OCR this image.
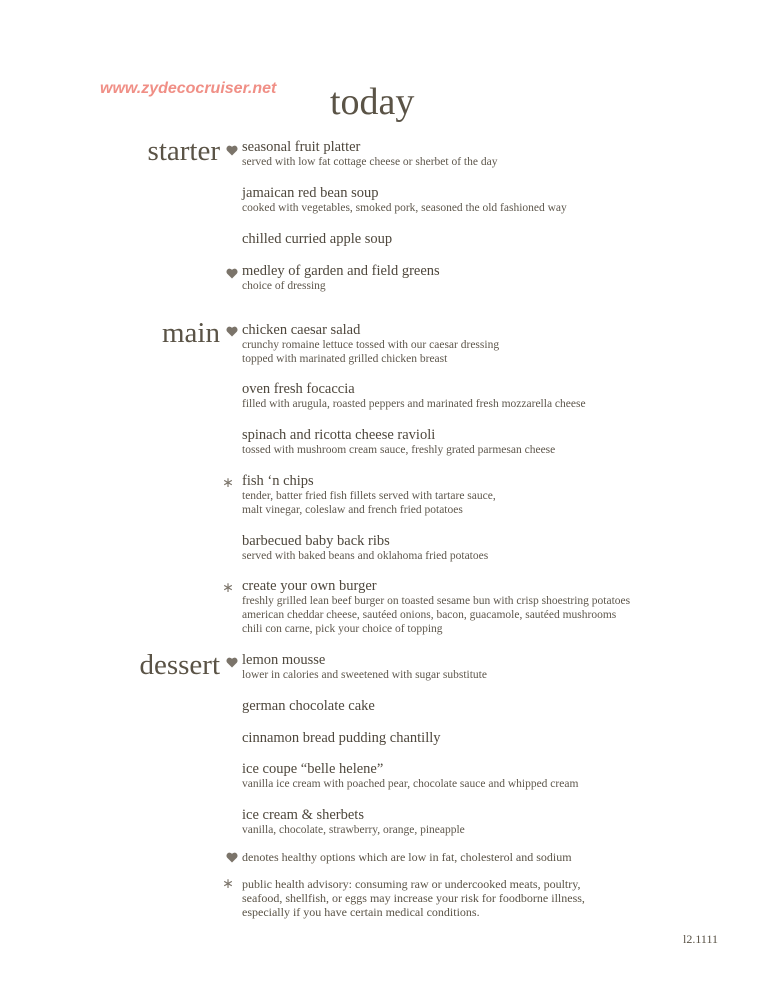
www.zydecocruiser.net today
starter
main
dessert
∗
∗
∗
seasonal fruit platter
served with low fat cottage cheese or sherbet of the day
jamaican red bean soup
cooked with vegetables, smoked pork, seasoned the old fashioned way
chilled curried apple soup
medley of garden and field greens
choice of dressing
chicken caesar salad
crunchy romaine lettuce tossed with our caesar dressing
topped with marinated grilled chicken breast
oven fresh focaccia
filled with arugula, roasted peppers and marinated fresh mozzarella cheese
spinach and ricotta cheese ravioli
tossed with mushroom cream sauce, freshly grated parmesan cheese
fish ‘n chips
tender, batter fried fish fillets served with tartare sauce,
malt vinegar, coleslaw and french fried potatoes
barbecued baby back ribs
served with baked beans and oklahoma fried potatoes
create your own burger
freshly grilled lean beef burger on toasted sesame bun with crisp shoestring potatoes
american cheddar cheese, sautéed onions, bacon, guacamole, sautéed mushrooms
chili con carne, pick your choice of topping
lemon mousse
lower in calories and sweetened with sugar substitute
german chocolate cake
cinnamon bread pudding chantilly
ice coupe “belle helene”
vanilla ice cream with poached pear, chocolate sauce and whipped cream
ice cream & sherbets
vanilla, chocolate, strawberry, orange, pineapple
denotes healthy options which are low in fat, cholesterol and sodium
public health advisory: consuming raw or undercooked meats, poultry,
seafood, shellfish, or eggs may increase your risk for foodborne illness,
especially if you have certain medical conditions.
l2.1111
